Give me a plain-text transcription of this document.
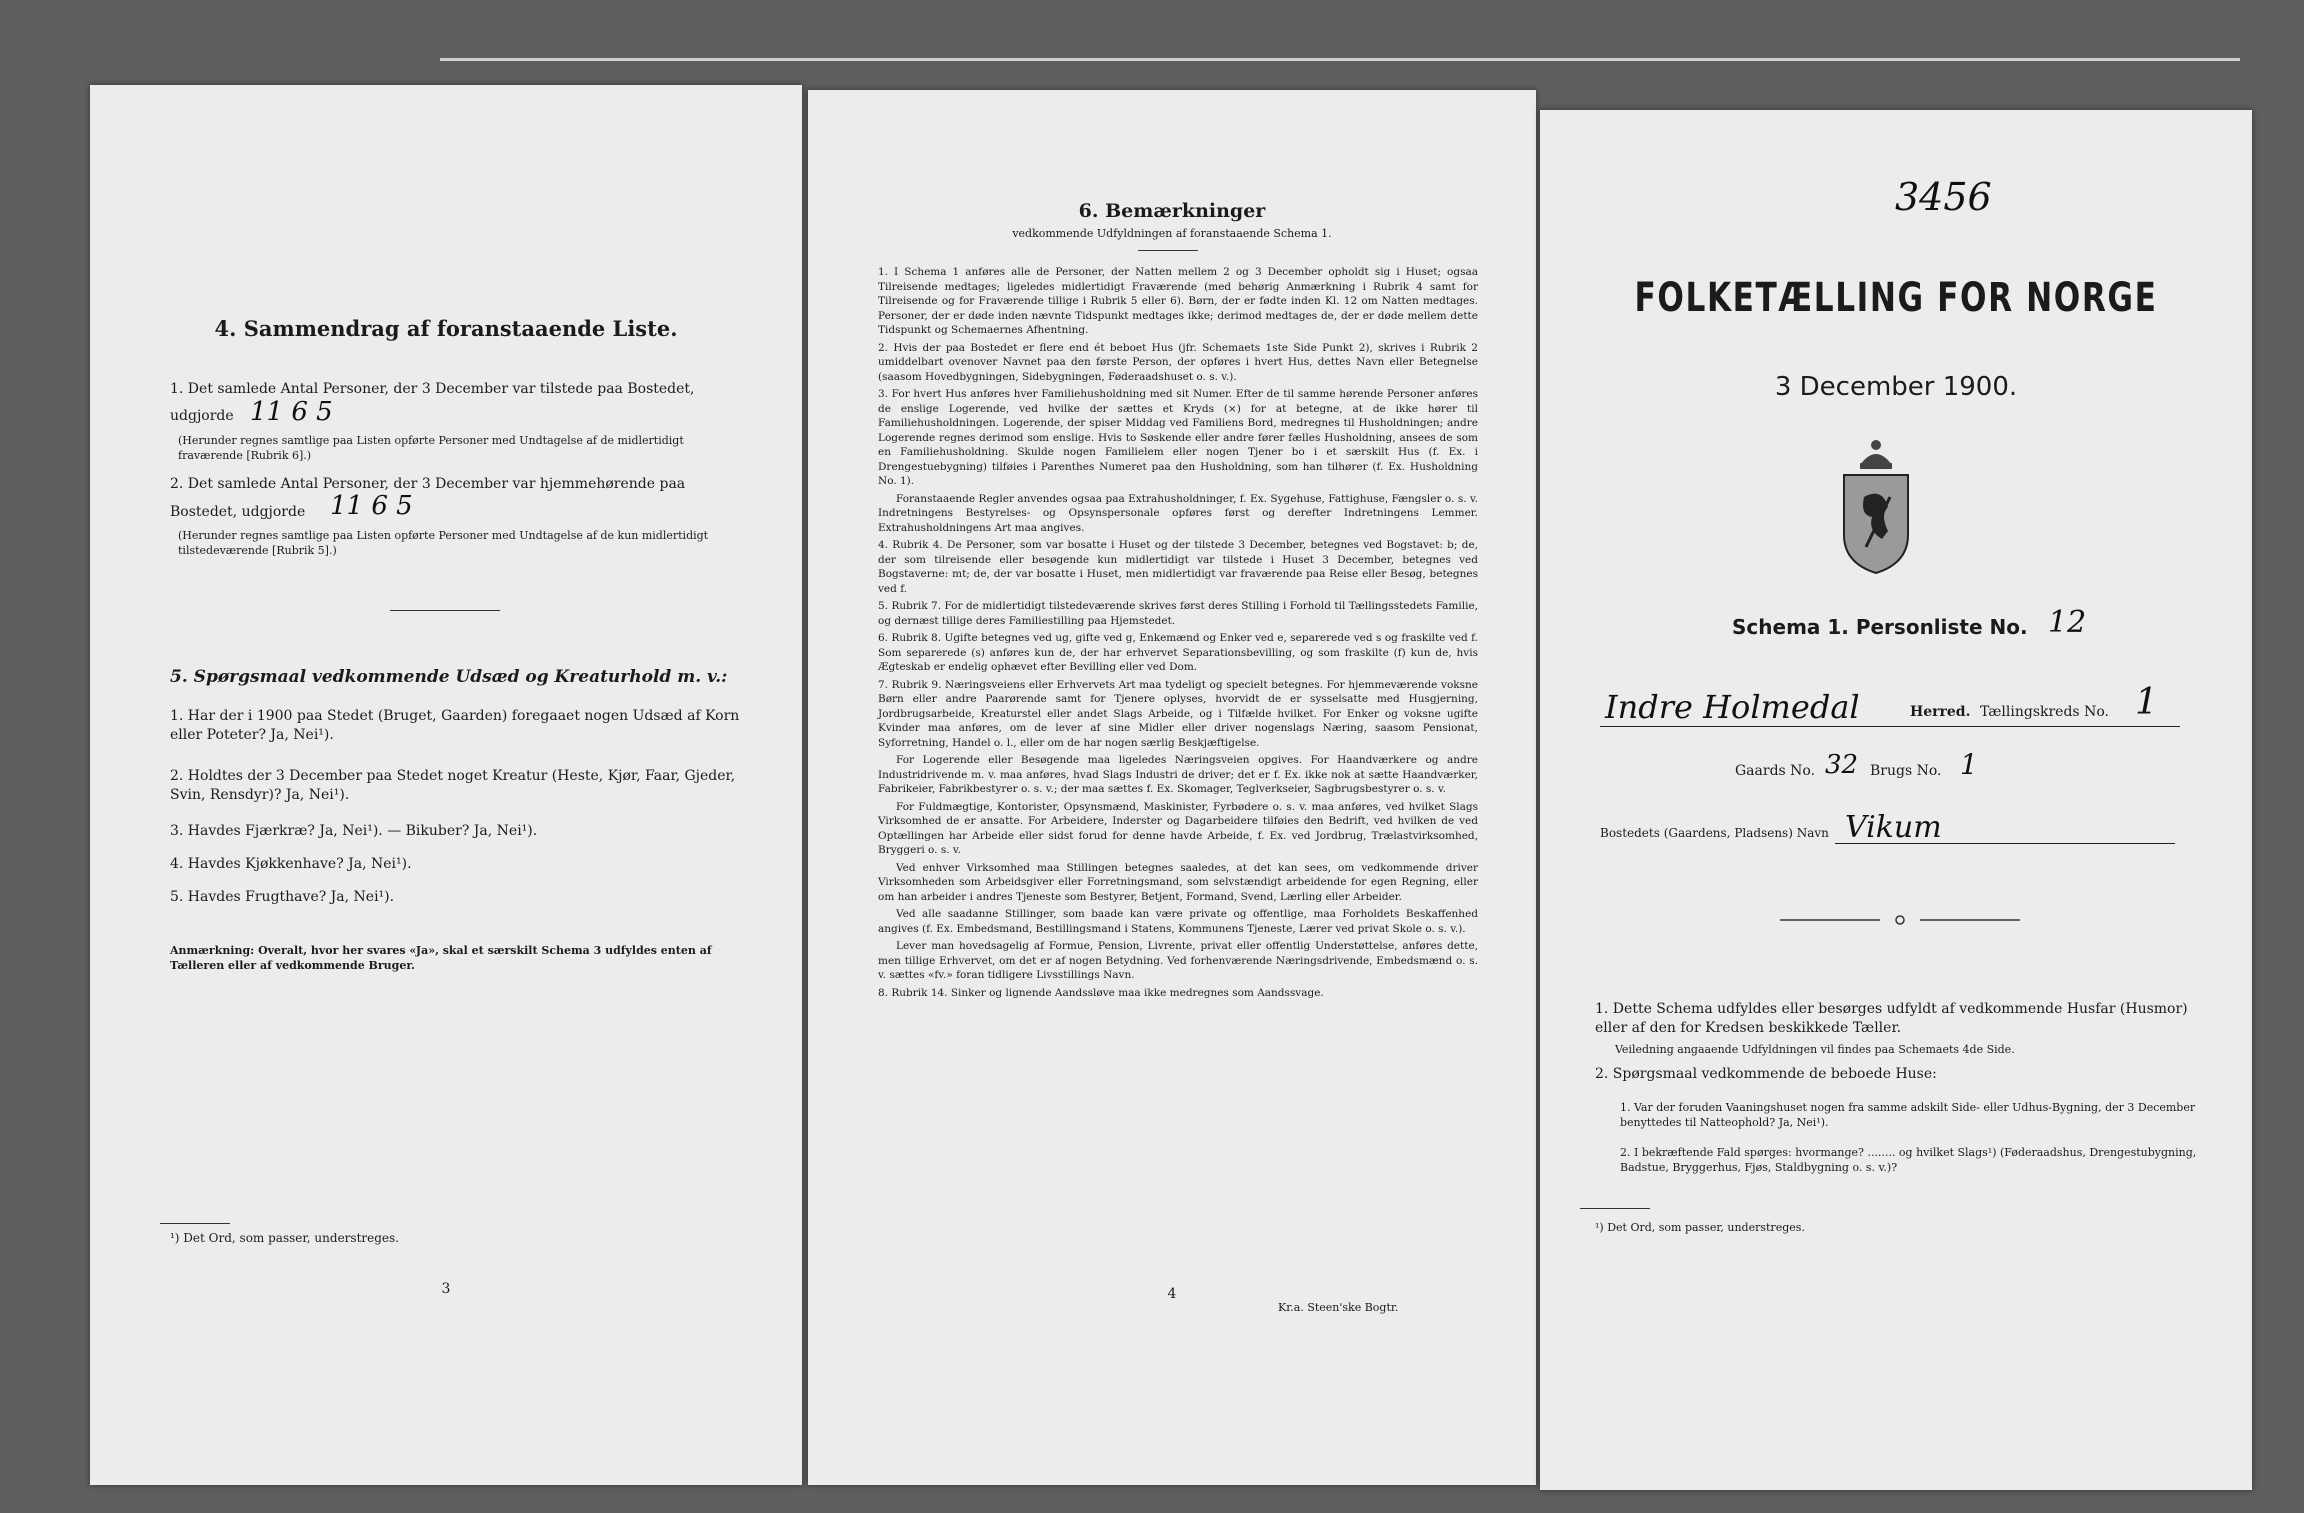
4. Sammendrag af foranstaaende Liste.
1. Det samlede Antal Personer, der 3 December var tilstede paa Bostedet,
udgjorde 11 6 5
(Herunder regnes samtlige paa Listen opførte Personer med Undtagelse af de midlertidigt fraværende [Rubrik 6].)
2. Det samlede Antal Personer, der 3 December var hjemmehørende paa
Bostedet, udgjorde 11 6 5
(Herunder regnes samtlige paa Listen opførte Personer med Undtagelse af de kun midlertidigt tilstedeværende [Rubrik 5].)
5. Spørgsmaal vedkommende Udsæd og Kreaturhold m. v.:
1. Har der i 1900 paa Stedet (Bruget, Gaarden) foregaaet nogen Udsæd af Korn eller Poteter? Ja, Nei¹).
2. Holdtes der 3 December paa Stedet noget Kreatur (Heste, Kjør, Faar, Gjeder, Svin, Rensdyr)? Ja, Nei¹).
3. Havdes Fjærkræ? Ja, Nei¹). — Bikuber? Ja, Nei¹).
4. Havdes Kjøkkenhave? Ja, Nei¹).
5. Havdes Frugthave? Ja, Nei¹).
Anmærkning: Overalt, hvor her svares «Ja», skal et særskilt Schema 3 udfyldes enten af Tælleren eller af vedkommende Bruger.
¹) Det Ord, som passer, understreges.
3
6. Bemærkninger
vedkommende Udfyldningen af foranstaaende Schema 1.
1. I Schema 1 anføres alle de Personer, der Natten mellem 2 og 3 December opholdt sig i Huset; ogsaa Tilreisende medtages; ligeledes midlertidigt Fraværende (med behørig Anmærkning i Rubrik 4 samt for Tilreisende og for Fraværende tillige i Rubrik 5 eller 6). Børn, der er fødte inden Kl. 12 om Natten medtages. Personer, der er døde inden nævnte Tidspunkt medtages ikke; derimod medtages de, der er døde mellem dette Tidspunkt og Schemaernes Afhentning.
2. Hvis der paa Bostedet er flere end ét beboet Hus (jfr. Schemaets 1ste Side Punkt 2), skrives i Rubrik 2 umiddelbart ovenover Navnet paa den første Person, der opføres i hvert Hus, dettes Navn eller Betegnelse (saasom Hovedbygningen, Sidebygningen, Føderaadshuset o. s. v.).
3. For hvert Hus anføres hver Familiehusholdning med sit Numer. Efter de til samme hørende Personer anføres de enslige Logerende, ved hvilke der sættes et Kryds (×) for at betegne, at de ikke hører til Familiehusholdningen. Logerende, der spiser Middag ved Familiens Bord, medregnes til Husholdningen; andre Logerende regnes derimod som enslige. Hvis to Søskende eller andre fører fælles Husholdning, ansees de som en Familiehusholdning. Skulde nogen Familielem eller nogen Tjener bo i et særskilt Hus (f. Ex. i Drengestuebygning) tilføies i Parenthes Numeret paa den Husholdning, som han tilhører (f. Ex. Husholdning No. 1).
Foranstaaende Regler anvendes ogsaa paa Extrahusholdninger, f. Ex. Sygehuse, Fattighuse, Fængsler o. s. v. Indretningens Bestyrelses- og Opsynspersonale opføres først og derefter Indretningens Lemmer. Extrahusholdningens Art maa angives.
4. Rubrik 4. De Personer, som var bosatte i Huset og der tilstede 3 December, betegnes ved Bogstavet: b; de, der som tilreisende eller besøgende kun midlertidigt var tilstede i Huset 3 December, betegnes ved Bogstaverne: mt; de, der var bosatte i Huset, men midlertidigt var fraværende paa Reise eller Besøg, betegnes ved f.
5. Rubrik 7. For de midlertidigt tilstedeværende skrives først deres Stilling i Forhold til Tællingsstedets Familie, og dernæst tillige deres Familiestilling paa Hjemstedet.
6. Rubrik 8. Ugifte betegnes ved ug, gifte ved g, Enkemænd og Enker ved e, separerede ved s og fraskilte ved f. Som separerede (s) anføres kun de, der har erhvervet Separationsbevilling, og som fraskilte (f) kun de, hvis Ægteskab er endelig ophævet efter Bevilling eller ved Dom.
7. Rubrik 9. Næringsveiens eller Erhvervets Art maa tydeligt og specielt betegnes. For hjemmeværende voksne Børn eller andre Paarørende samt for Tjenere oplyses, hvorvidt de er sysselsatte med Husgjerning, Jordbrugsarbeide, Kreaturstel eller andet Slags Arbeide, og i Tilfælde hvilket. For Enker og voksne ugifte Kvinder maa anføres, om de lever af sine Midler eller driver nogenslags Næring, saasom Pensionat, Syforretning, Handel o. l., eller om de har nogen særlig Beskjæftigelse.
For Logerende eller Besøgende maa ligeledes Næringsveien opgives. For Haandværkere og andre Industridrivende m. v. maa anføres, hvad Slags Industri de driver; det er f. Ex. ikke nok at sætte Haandværker, Fabrikeier, Fabrikbestyrer o. s. v.; der maa sættes f. Ex. Skomager, Teglverkseier, Sagbrugsbestyrer o. s. v.
For Fuldmægtige, Kontorister, Opsynsmænd, Maskinister, Fyrbødere o. s. v. maa anføres, ved hvilket Slags Virksomhed de er ansatte. For Arbeidere, Inderster og Dagarbeidere tilføies den Bedrift, ved hvilken de ved Optællingen har Arbeide eller sidst forud for denne havde Arbeide, f. Ex. ved Jordbrug, Trælastvirksomhed, Bryggeri o. s. v.
Ved enhver Virksomhed maa Stillingen betegnes saaledes, at det kan sees, om vedkommende driver Virksomheden som Arbeidsgiver eller Forretningsmand, som selvstændigt arbeidende for egen Regning, eller om han arbeider i andres Tjeneste som Bestyrer, Betjent, Formand, Svend, Lærling eller Arbeider.
Ved alle saadanne Stillinger, som baade kan være private og offentlige, maa Forholdets Beskaffenhed angives (f. Ex. Embedsmand, Bestillingsmand i Statens, Kommunens Tjeneste, Lærer ved privat Skole o. s. v.).
Lever man hovedsagelig af Formue, Pension, Livrente, privat eller offentlig Understøttelse, anføres dette, men tillige Erhvervet, om det er af nogen Betydning. Ved forhenværende Næringsdrivende, Embedsmænd o. s. v. sættes «fv.» foran tidligere Livsstillings Navn.
8. Rubrik 14. Sinker og lignende Aandssløve maa ikke medregnes som Aandssvage.
4
Kr.a. Steen'ske Bogtr.
3456
FOLKETÆLLING FOR NORGE
3 December 1900.
Schema 1. Personliste No. 12
Indre Holmedal	Herred. Tællingskreds No. 1
Gaards No. 32 Brugs No. 1
Bostedets (Gaardens, Pladsens) Navn Vikum
1. Dette Schema udfyldes eller besørges udfyldt af vedkommende Husfar (Husmor) eller af den for Kredsen beskikkede Tæller.
Veiledning angaaende Udfyldningen vil findes paa Schemaets 4de Side.
2. Spørgsmaal vedkommende de beboede Huse:
1. Var der foruden Vaaningshuset nogen fra samme adskilt Side- eller Udhus-Bygning, der 3 December benyttedes til Natteophold? Ja, Nei¹).
2. I bekræftende Fald spørges: hvormange? ........ og hvilket Slags¹) (Føderaadshus, Drengestubygning, Badstue, Bryggerhus, Fjøs, Staldbygning o. s. v.)?
¹) Det Ord, som passer, understreges.
